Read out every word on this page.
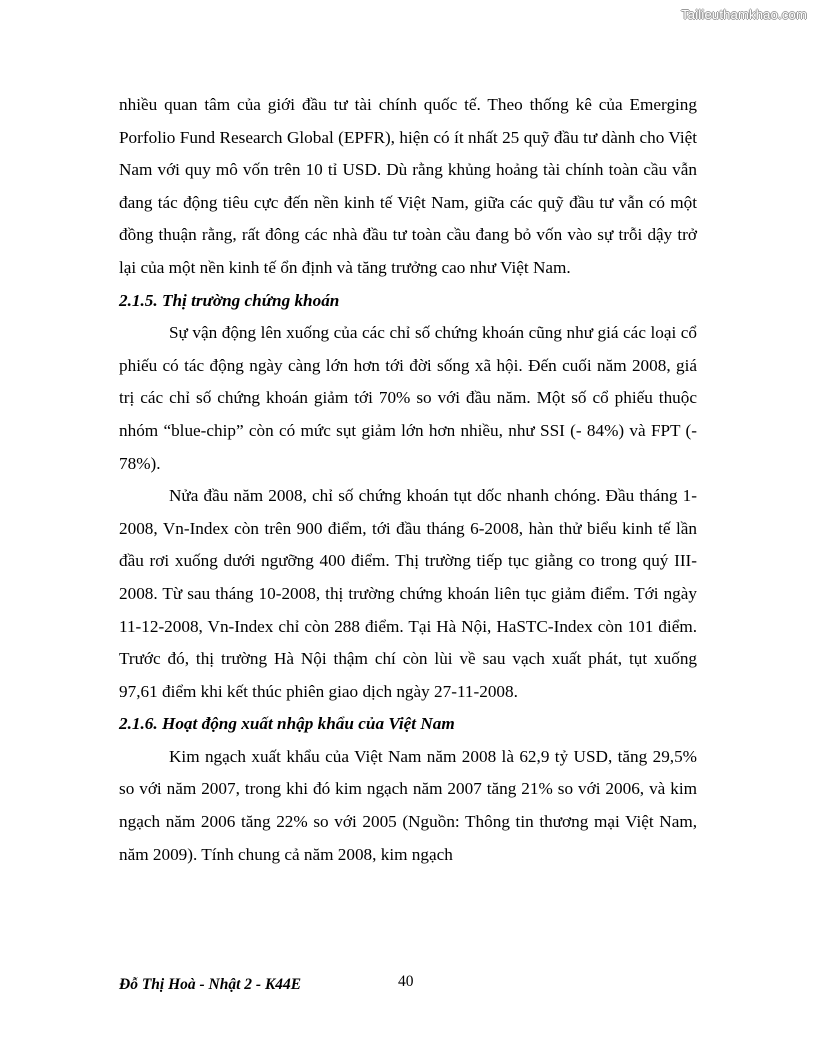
Tailieuthamkhao.com

nhiều quan tâm của giới đầu tư tài chính quốc tế. Theo thống kê của Emerging Porfolio Fund Research Global (EPFR), hiện có ít nhất 25 quỹ đầu tư dành cho Việt Nam với quy mô vốn trên 10 tỉ USD. Dù rằng khủng hoảng tài chính toàn cầu vẫn đang tác động tiêu cực đến nền kinh tế Việt Nam, giữa các quỹ đầu tư vẫn có một đồng thuận rằng, rất đông các nhà đầu tư toàn cầu đang bỏ vốn vào sự trỗi dậy trở lại của một nền kinh tế ổn định và tăng trưởng cao như Việt Nam.

2.1.5. Thị trường chứng khoán

Sự vận động lên xuống của các chỉ số chứng khoán cũng như giá các loại cổ phiếu có tác động ngày càng lớn hơn tới đời sống xã hội. Đến cuối năm 2008, giá trị các chỉ số chứng khoán giảm tới 70% so với đầu năm. Một số cổ phiếu thuộc nhóm “blue-chip” còn có mức sụt giảm lớn hơn nhiều, như SSI (- 84%) và FPT (- 78%).

Nửa đầu năm 2008, chỉ số chứng khoán tụt dốc nhanh chóng. Đầu tháng 1-2008, Vn-Index còn trên 900 điểm, tới đầu tháng 6-2008, hàn thử biểu kinh tế lần đầu rơi xuống dưới ngưỡng 400 điểm. Thị trường tiếp tục giằng co trong quý III-2008. Từ sau tháng 10-2008, thị trường chứng khoán liên tục giảm điểm. Tới ngày 11-12-2008, Vn-Index chỉ còn 288 điểm. Tại Hà Nội, HaSTC-Index còn 101 điểm. Trước đó, thị trường Hà Nội thậm chí còn lùi về sau vạch xuất phát, tụt xuống 97,61 điểm khi kết thúc phiên giao dịch ngày 27-11-2008.

2.1.6. Hoạt động xuất nhập khẩu của Việt Nam

Kim ngạch xuất khẩu của Việt Nam năm 2008 là 62,9 tỷ USD, tăng 29,5% so với năm 2007, trong khi đó kim ngạch năm 2007 tăng 21% so với 2006, và kim ngạch năm 2006 tăng 22% so với 2005 (Nguồn: Thông tin thương mại Việt Nam, năm 2009). Tính chung cả năm 2008, kim ngạch

40
Đỗ Thị Hoà - Nhật 2 - K44E
